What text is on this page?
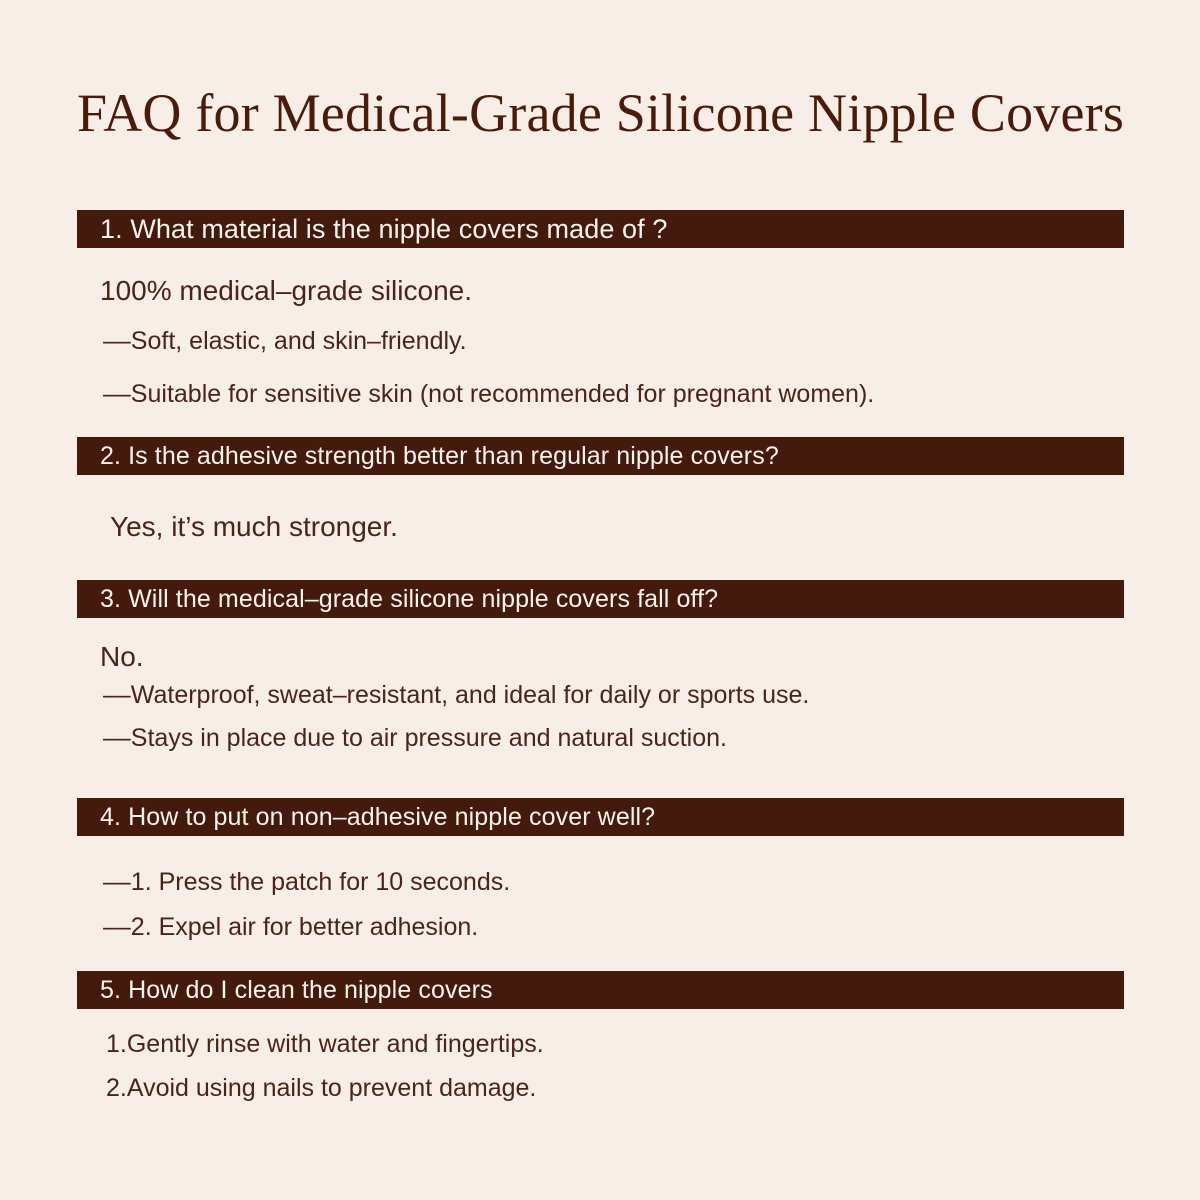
FAQ for Medical-Grade Silicone Nipple Covers
1. What material is the nipple covers made of ?
100% medical–grade silicone.
––Soft, elastic, and skin–friendly.
––Suitable for sensitive skin (not recommended for pregnant women).
2. Is the adhesive strength better than regular nipple covers?
Yes, it’s much stronger.
3. Will the medical–grade silicone nipple covers fall off?
No.
––Waterproof, sweat–resistant, and ideal for daily or sports use.
––Stays in place due to air pressure and natural suction.
4. How to put on non–adhesive nipple cover well?
––1. Press the patch for 10 seconds.
––2. Expel air for better adhesion.
5. How do I clean the nipple covers
1.Gently rinse with water and fingertips.
2.Avoid using nails to prevent damage.
